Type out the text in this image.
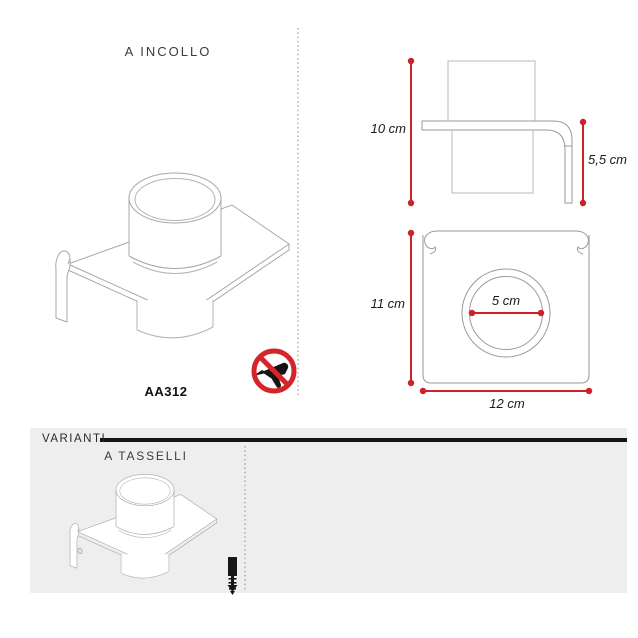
A INCOLLO
AA312
10 cm
5,5 cm
11 cm	5 cm
12 cm
VARIANTI
A TASSELLI
